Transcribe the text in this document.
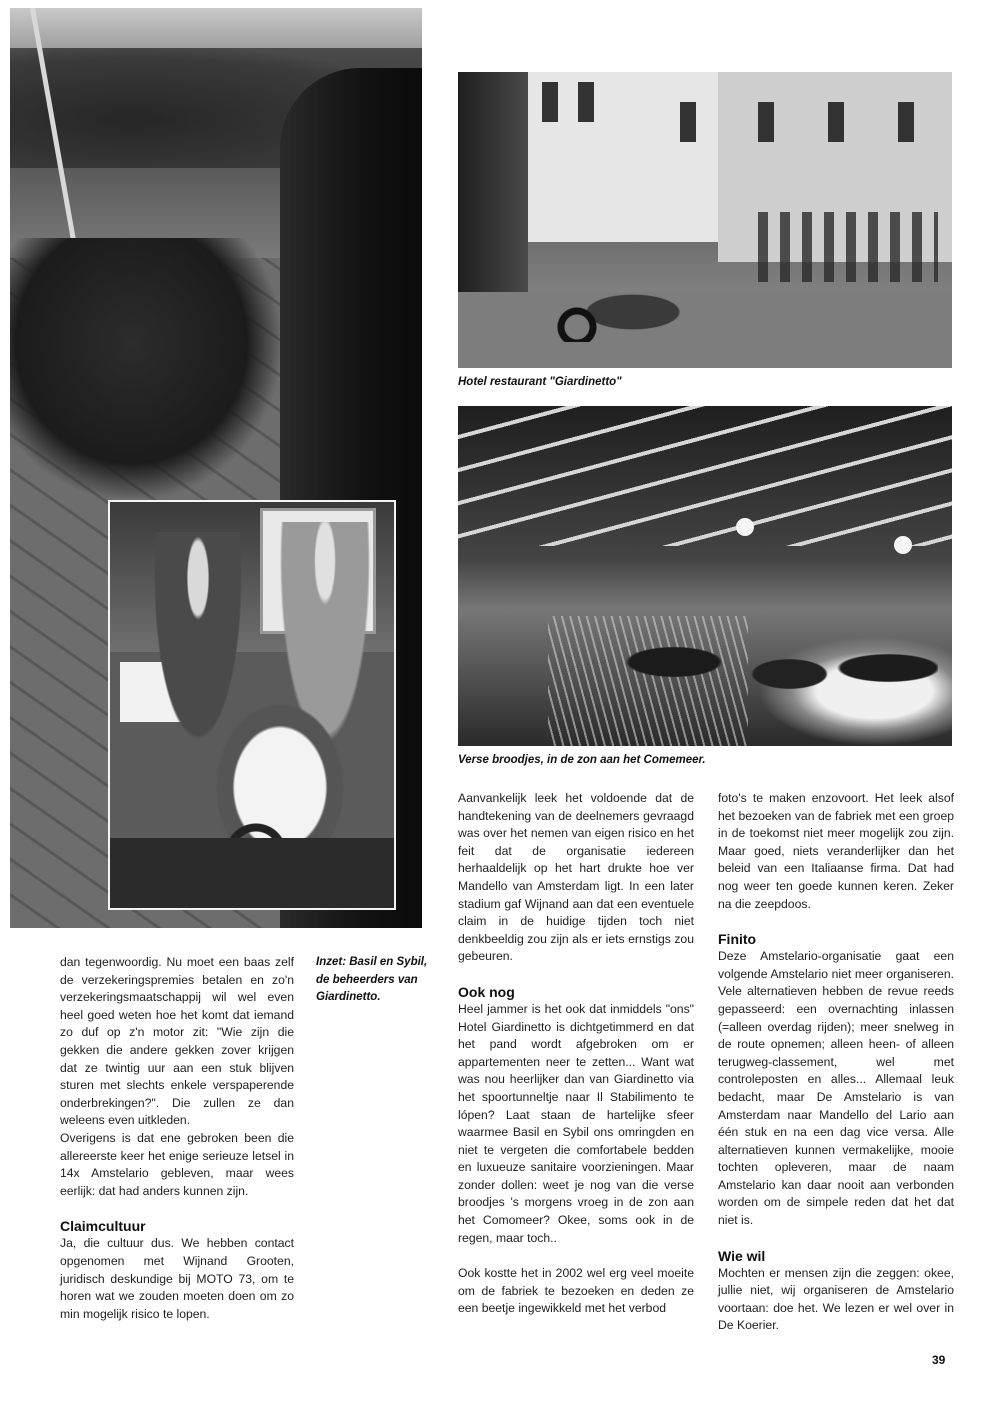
Hotel restaurant "Giardinetto"
Verse broodjes, in de zon aan het Comemeer.
Inzet: Basil en Sybil, de beheerders van Giardinetto.

dan tegenwoordig. Nu moet een baas zelf de verzekeringspremies betalen en zo'n verzekeringsmaatschappij wil wel even heel goed weten hoe het komt dat iemand zo duf op z'n motor zit: "Wie zijn die gekken die andere gekken zover krijgen dat ze twintig uur aan een stuk blijven sturen met slechts enkele verspaperende onderbrekingen?". Die zullen ze dan weleens even uitkleden.

Overigens is dat ene gebroken been die allereerste keer het enige serieuze letsel in 14x Amstelario gebleven, maar wees eerlijk: dat had anders kunnen zijn.

Claimcultuur

Ja, die cultuur dus. We hebben contact opgenomen met Wijnand Grooten, juridisch deskundige bij MOTO 73, om te horen wat we zouden moeten doen om zo min mogelijk risico te lopen.

Aanvankelijk leek het voldoende dat de handtekening van de deelnemers gevraagd was over het nemen van eigen risico en het feit dat de organisatie iedereen herhaaldelijk op het hart drukte hoe ver Mandello van Amsterdam ligt. In een later stadium gaf Wijnand aan dat een eventuele claim in de huidige tijden toch niet denkbeeldig zou zijn als er iets ernstigs zou gebeuren.

Ook nog

Heel jammer is het ook dat inmiddels "ons" Hotel Giardinetto is dichtgetimmerd en dat het pand wordt afgebroken om er appartementen neer te zetten... Want wat was nou heerlijker dan van Giardinetto via het spoortunneltje naar Il Stabilimento te lópen? Laat staan de hartelijke sfeer waarmee Basil en Sybil ons omringden en niet te vergeten die comfortabele bedden en luxueuze sanitaire voorzieningen. Maar zonder dollen: weet je nog van die verse broodjes 's morgens vroeg in de zon aan het Comomeer? Okee, soms ook in de regen, maar toch..

Ook kostte het in 2002 wel erg veel moeite om de fabriek te bezoeken en deden ze een beetje ingewikkeld met het verbod

foto's te maken enzovoort. Het leek alsof het bezoeken van de fabriek met een groep in de toekomst niet meer mogelijk zou zijn. Maar goed, niets veranderlijker dan het beleid van een Italiaanse firma. Dat had nog weer ten goede kunnen keren. Zeker na die zeepdoos.

Finito

Deze Amstelario-organisatie gaat een volgende Amstelario niet meer organiseren. Vele alternatieven hebben de revue reeds gepasseerd: een overnachting inlassen (=alleen overdag rijden); meer snelweg in de route opnemen; alleen heen- of alleen terugweg-classement, wel met controleposten en alles... Allemaal leuk bedacht, maar De Amstelario is van Amsterdam naar Mandello del Lario aan één stuk en na een dag vice versa. Alle alternatieven kunnen vermakelijke, mooie tochten opleveren, maar de naam Amstelario kan daar nooit aan verbonden worden om de simpele reden dat het dat niet is.

Wie wil

Mochten er mensen zijn die zeggen: okee, jullie niet, wij organiseren de Amstelario voortaan: doe het. We lezen er wel over in De Koerier.

39
